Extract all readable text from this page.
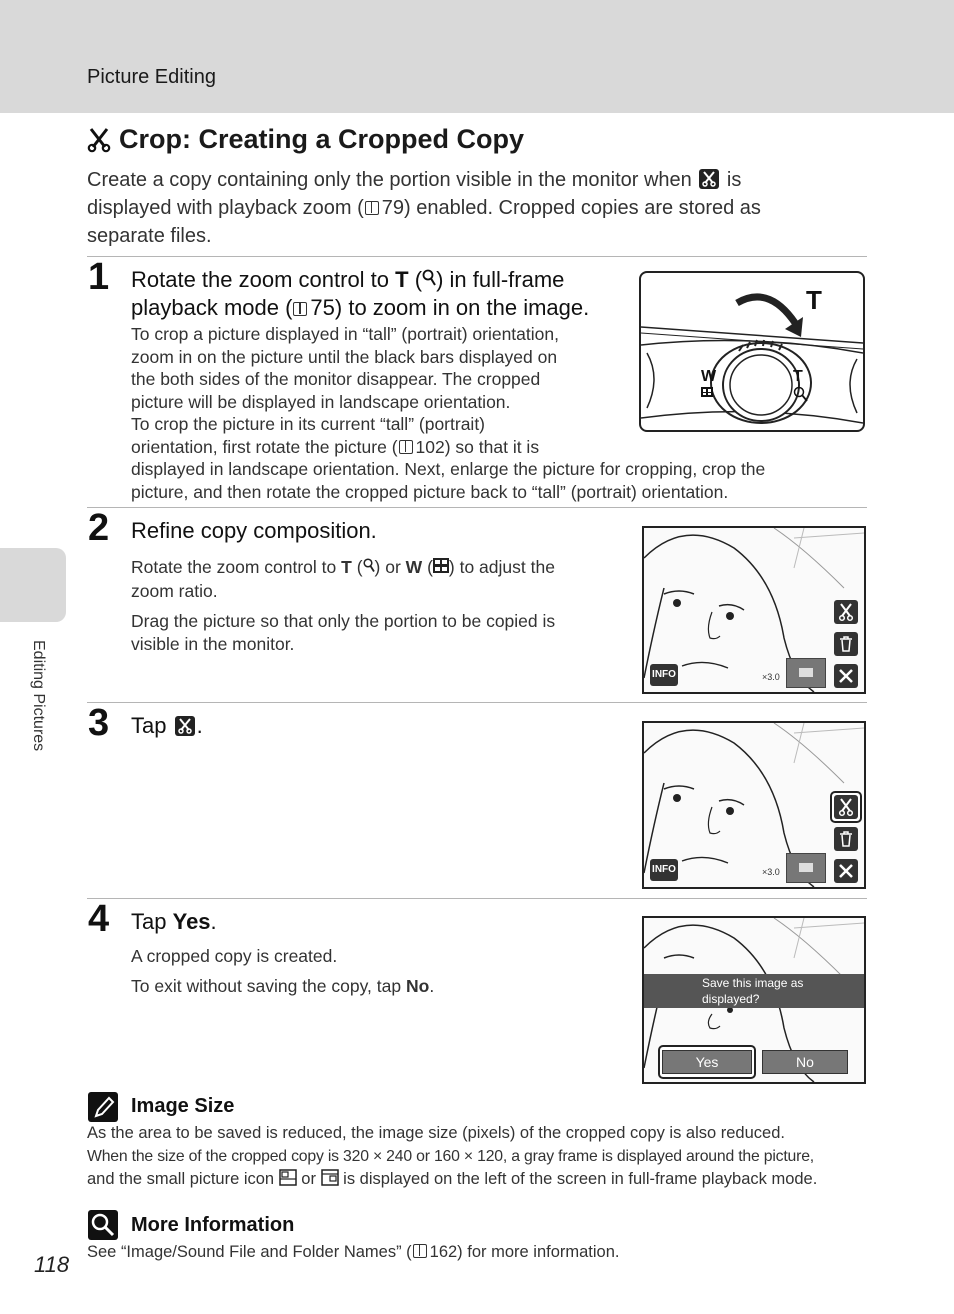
Picture Editing
Editing Pictures
Crop: Creating a Cropped Copy
Create a copy containing only the portion visible in the monitor when is
displayed with playback zoom ( 79) enabled. Cropped copies are stored as
separate files.
1 Rotate the zoom control to T ( ) in full-frame
playback mode ( 75) to zoom in on the image.
To crop a picture displayed in “tall” (portrait) orientation,
zoom in on the picture until the black bars displayed on
the both sides of the monitor disappear. The cropped
picture will be displayed in landscape orientation.
To crop the picture in its current “tall” (portrait)
orientation, first rotate the picture ( 102) so that it is
displayed in landscape orientation. Next, enlarge the picture for cropping, crop the
picture, and then rotate the cropped picture back to “tall” (portrait) orientation.
T
W	T
2 Refine copy composition.
Rotate the zoom control to T ( ) or W ( ) to adjust the
zoom ratio.
Drag the picture so that only the portion to be copied is
visible in the monitor.
INFO	×3.0
3 Tap .
INFO	×3.0
4 Tap Yes.
A cropped copy is created.
To exit without saving the copy, tap No.	Save this image as
displayed?
Yes	No
Image Size
As the area to be saved is reduced, the image size (pixels) of the cropped copy is also reduced.
When the size of the cropped copy is 320 × 240 or 160 × 120, a gray frame is displayed around the picture,
and the small picture icon or is displayed on the left of the screen in full-frame playback mode.
More Information
See “Image/Sound File and Folder Names” ( 162) for more information.
118
